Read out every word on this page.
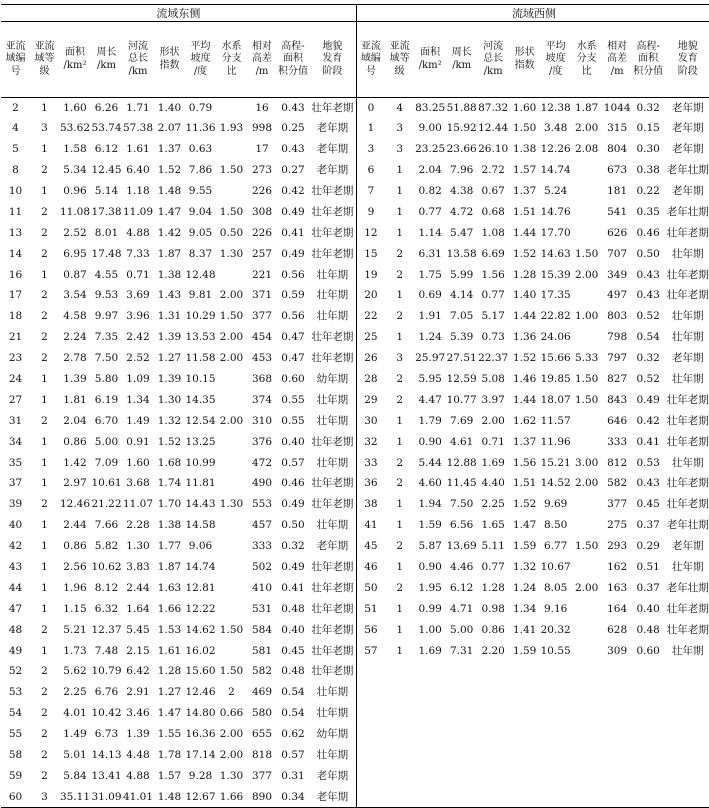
流域东侧											流域西侧										

亚流
域编
号	亚流
域等
级	面积
/km²	周长
/km	河流
总长
/km	形状
指数	平均
坡度
/度	水系
分支
比	相对
高差
/m	高程-
面积
积分值	地貌
发育
阶段	亚流
域编
号	亚流
域等
级	面积
/km²	周长
/km	河流
总长
/km	形状
指数	平均
坡度
/度	水系
分支比	相对
高差
/m	高程-
面积
积分值	地貌
发育
阶段

2	1	1.60	6.26	1.71	1.40	0.79		16	0.43	壮年老期	0	4	83.25	51.88	87.32	1.60	12.38	1.87	1044	0.32	老年期
4	3	53.62	53.74	57.38	2.07	11.36	1.93	998	0.25	老年期	1	3	9.00	15.92	12.44	1.50	3.48	2.00	315	0.15	老年期
5	1	1.58	6.12	1.61	1.37	0.63		17	0.43	老年期	3	3	23.25	23.66	26.10	1.38	12.26	2.08	804	0.30	老年期
8	2	5.34	12.45	6.40	1.52	7.86	1.50	273	0.27	老年期	6	1	2.04	7.96	2.72	1.57	14.74		673	0.38	老年壮期
10	1	0.96	5.14	1.18	1.48	9.55		226	0.42	壮年老期	7	1	0.82	4.38	0.67	1.37	5.24		181	0.22	老年期
11	2	11.08	17.38	11.09	1.47	9.04	1.50	308	0.49	壮年老期	9	1	0.77	4.72	0.68	1.51	14.76		541	0.35	老年壮期
13	2	2.52	8.01	4.88	1.42	9.05	0.50	226	0.41	壮年老期	12	1	1.14	5.47	1.08	1.44	17.70		626	0.46	壮年老期
14	2	6.95	17.48	7.33	1.87	8.37	1.30	257	0.49	壮年老期	15	2	6.31	13.58	6.69	1.52	14.63	1.50	707	0.50	壮年期
16	1	0.87	4.55	0.71	1.38	12.48		221	0.56	壮年期	19	2	1.75	5.99	1.56	1.28	15.39	2.00	349	0.43	壮年老期
17	2	3.54	9.53	3.69	1.43	9.81	2.00	371	0.59	壮年期	20	1	0.69	4.14	0.77	1.40	17.35		497	0.43	壮年老期
18	2	4.58	9.97	3.96	1.31	10.29	1.50	377	0.56	壮年期	22	2	1.91	7.05	5.17	1.44	22.82	1.00	803	0.52	壮年期
21	2	2.24	7.35	2.42	1.39	13.53	2.00	454	0.47	壮年老期	25	1	1.24	5.39	0.73	1.36	24.06		798	0.54	壮年期
23	2	2.78	7.50	2.52	1.27	11.58	2.00	453	0.47	壮年老期	26	3	25.97	27.51	22.37	1.52	15.66	5.33	797	0.32	老年期
24	1	1.39	5.80	1.09	1.39	10.15		368	0.60	幼年期	28	2	5.95	12.59	5.08	1.46	19.85	1.50	827	0.52	壮年期
27	1	1.81	6.19	1.34	1.30	14.35		374	0.55	壮年期	29	2	4.47	10.77	3.97	1.44	18.07	1.50	843	0.49	壮年老期
31	2	2.04	6.70	1.49	1.32	12.54	2.00	310	0.55	壮年期	30	1	1.79	7.69	2.00	1.62	11.57		646	0.42	壮年老期
34	1	0.86	5.00	0.91	1.52	13.25		376	0.40	壮年老期	32	1	0.90	4.61	0.71	1.37	11.96		333	0.41	壮年老期
35	1	1.42	7.09	1.60	1.68	10.99		472	0.57	壮年期	33	2	5.44	12.88	1.69	1.56	15.21	3.00	812	0.53	壮年期
37	1	2.97	10.61	3.68	1.74	11.81		490	0.46	壮年老期	36	2	4.60	11.45	4.40	1.51	14.52	2.00	582	0.43	壮年老期
39	2	12.46	21.22	11.07	1.70	14.43	1.30	553	0.49	壮年老期	38	1	1.94	7.50	2.25	1.52	9.69		377	0.45	壮年老期
40	1	2.44	7.66	2.28	1.38	14.58		457	0.50	壮年期	41	1	1.59	6.56	1.65	1.47	8.50		275	0.37	老年壮期
42	1	0.86	5.82	1.30	1.77	9.06		333	0.32	老年期	45	2	5.87	13.69	5.11	1.59	6.77	1.50	293	0.29	老年期
43	1	2.56	10.62	3.83	1.87	14.74		502	0.49	壮年老期	46	1	0.90	4.46	0.77	1.32	10.67		162	0.51	壮年期
44	1	1.96	8.12	2.44	1.63	12.81		410	0.41	壮年老期	50	2	1.95	6.12	1.28	1.24	8.05	2.00	163	0.37	老年壮期
47	1	1.15	6.32	1.64	1.66	12.22		531	0.48	壮年老期	51	1	0.99	4.71	0.98	1.34	9.16		164	0.40	壮年老期
48	2	5.21	12.37	5.45	1.53	14.62	1.50	584	0.40	壮年老期	56	1	1.00	5.00	0.86	1.41	20.32		628	0.48	壮年老期
49	1	1.73	7.48	2.15	1.61	16.02		581	0.45	壮年老期	57	1	1.69	7.31	2.20	1.59	10.55		309	0.60	壮年期
52	2	5.62	10.79	6.42	1.28	15.60	1.50	582	0.48	壮年老期											
53	2	2.25	6.76	2.91	1.27	12.46	2	469	0.54	壮年期											
54	2	4.01	10.42	3.46	1.47	14.80	0.66	580	0.54	壮年期											
55	2	1.49	6.73	1.39	1.55	16.36	2.00	655	0.62	幼年期											
58	2	5.01	14.13	4.48	1.78	17.14	2.00	818	0.57	壮年期											
59	2	5.84	13.41	4.88	1.57	9.28	1.30	377	0.31	老年期											
60	3	35.11	31.09	41.01	1.48	12.67	1.66	890	0.34	老年期											
